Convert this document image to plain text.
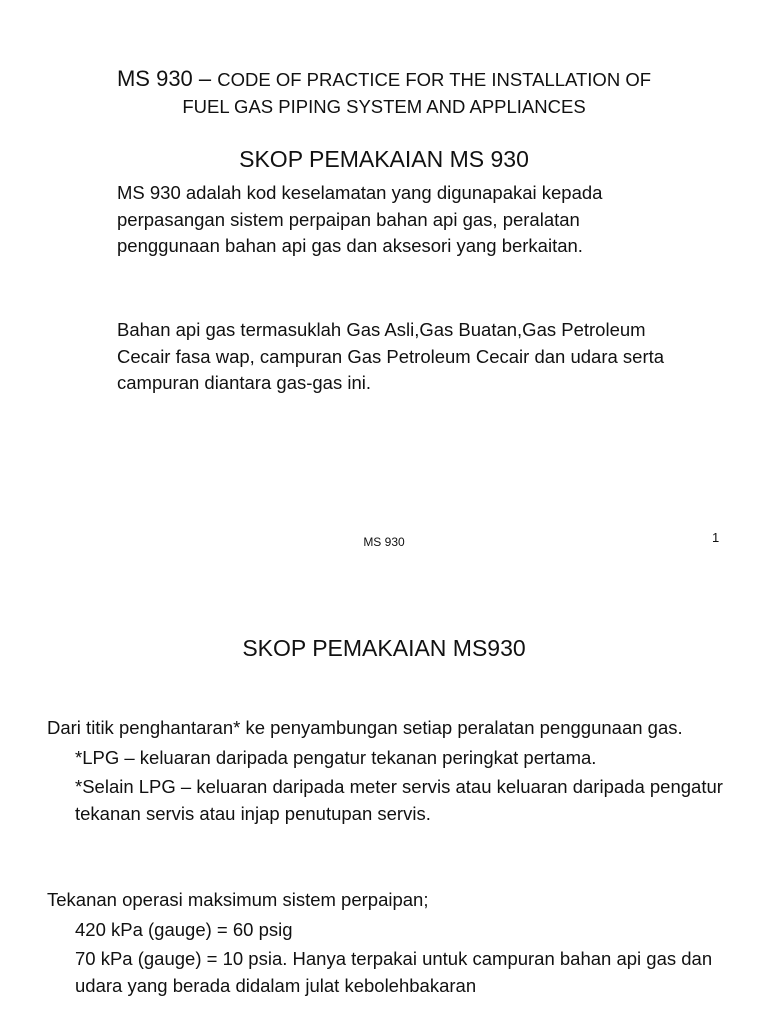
MS 930 – CODE OF PRACTICE FOR THE INSTALLATION OF
FUEL GAS PIPING SYSTEM AND APPLIANCES
SKOP PEMAKAIAN MS 930

MS 930 adalah kod keselamatan yang digunapakai kepada perpasangan sistem perpaipan bahan api gas, peralatan penggunaan bahan api gas dan aksesori yang berkaitan.

Bahan api gas termasuklah Gas Asli,Gas Buatan,Gas Petroleum Cecair fasa wap, campuran Gas Petroleum Cecair dan udara serta campuran diantara gas-gas ini.

MS 930	1
SKOP PEMAKAIAN MS930

Dari titik penghantaran* ke penyambungan setiap peralatan penggunaan gas.

*LPG – keluaran daripada pengatur tekanan peringkat pertama.

*Selain LPG – keluaran daripada meter servis atau keluaran daripada pengatur tekanan servis atau injap penutupan servis.

Tekanan operasi maksimum sistem perpaipan;

420 kPa (gauge) = 60 psig

70 kPa (gauge) = 10 psia. Hanya terpakai untuk campuran bahan api gas dan udara yang berada didalam julat kebolehbakaran
